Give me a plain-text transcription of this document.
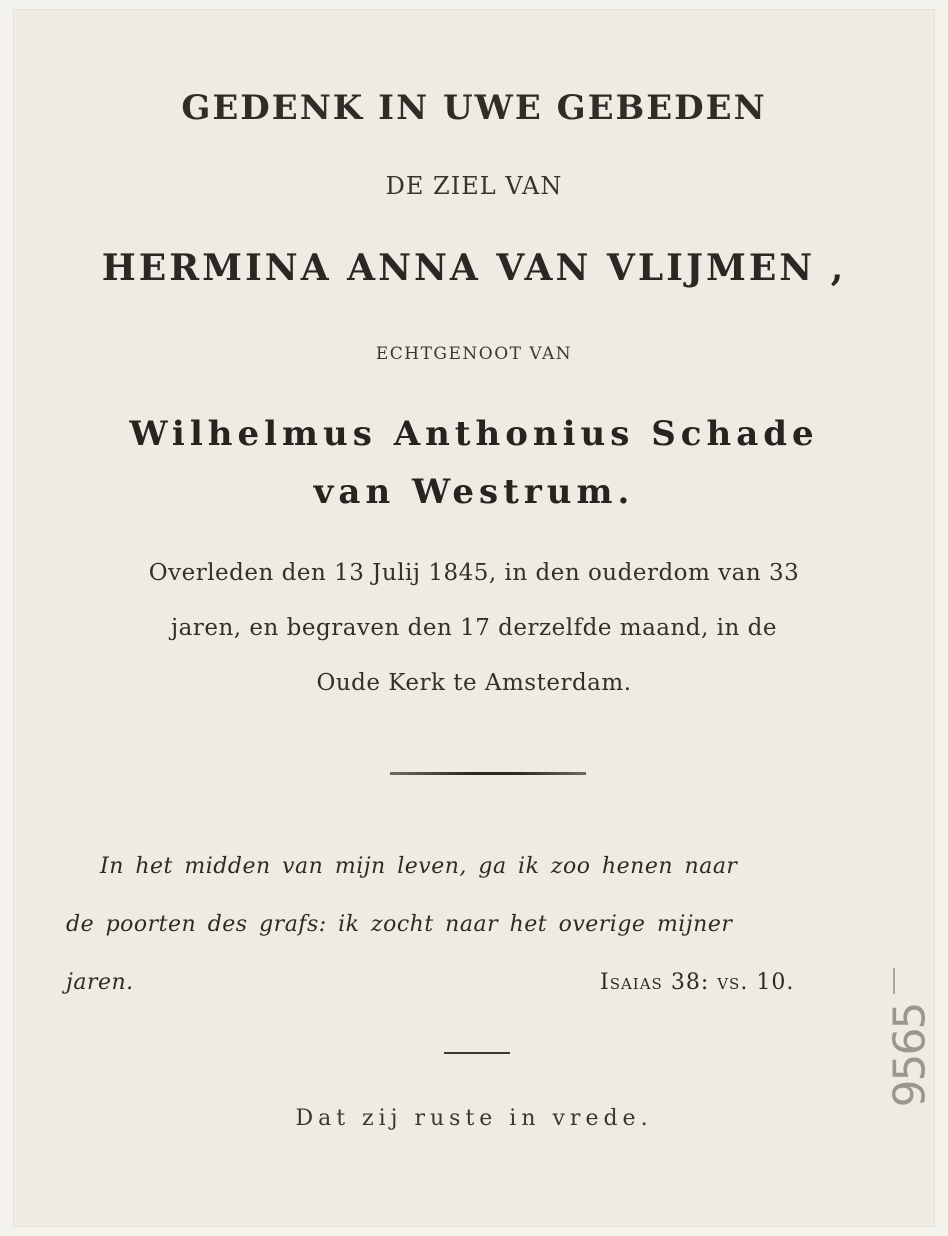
GEDENK IN UWE GEBEDEN
DE ZIEL VAN
HERMINA ANNA VAN VLIJMEN ,
ECHTGENOOT VAN
Wilhelmus Anthonius Schade
van Westrum.
Overleden den 13 Julij 1845, in den ouderdom van 33
jaren, en begraven den 17 derzelfde maand, in de
Oude Kerk te Amsterdam.
In het midden van mijn leven, ga ik zoo henen naar
de poorten des grafs: ik zocht naar het overige mijner
jaren.	Isaias 38: vs. 10.
Dat zij ruste in vrede.
9565
